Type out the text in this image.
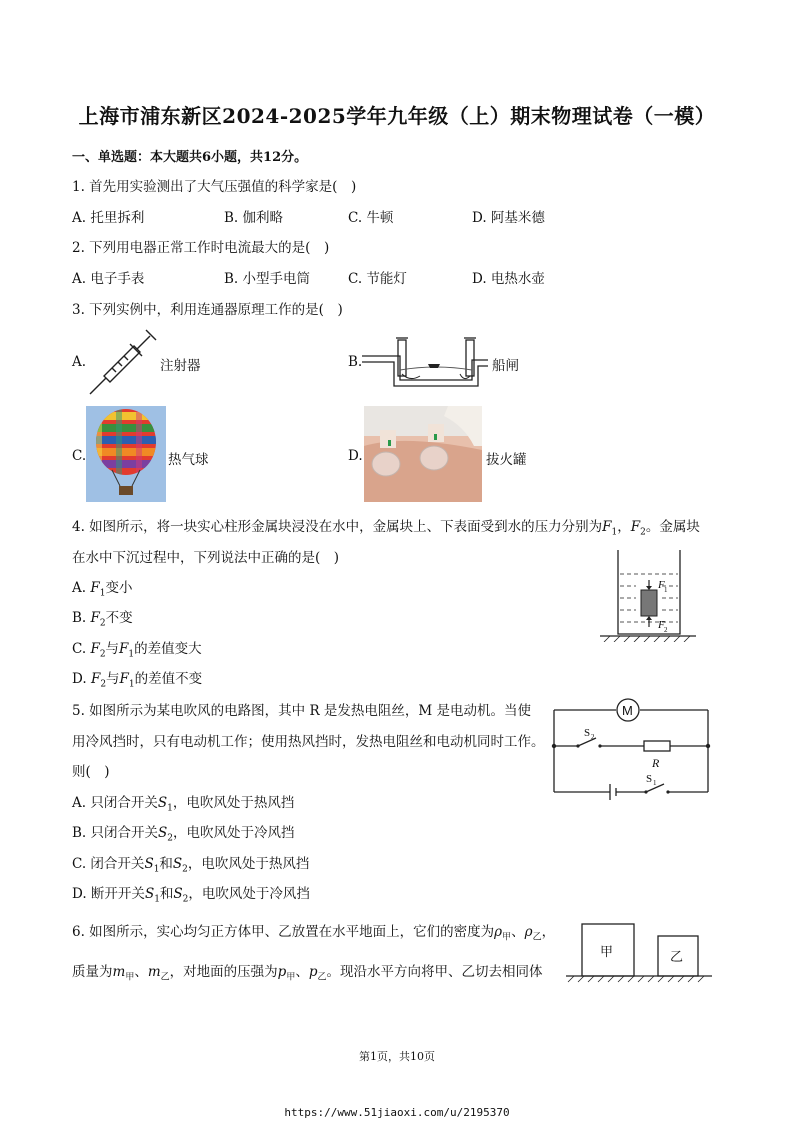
上海市浦东新区2024-2025学年九年级（上）期末物理试卷（一模）
一、单选题：本大题共6小题，共12分。
1. 首先用实验测出了大气压强值的科学家是(　)
A. 托里拆利	B. 伽利略	C. 牛顿	D. 阿基米德
2. 下列用电器正常工作时电流最大的是(　)
A. 电子手表	B. 小型手电筒	C. 节能灯	D. 电热水壶
3. 下列实例中，利用连通器原理工作的是(　)
A.	注射器	B.	船闸
C.	热气球	D.	拔火罐
4. 如图所示，将一块实心柱形金属块浸没在水中，金属块上、下表面受到水的压力分别为$F_1$，$F_2$。金属块
在水中下沉过程中，下列说法中正确的是(　)
A. $F_1$变小
B. $F_2$不变
C. $F_2$与$F_1$的差值变大
D. $F_2$与$F_1$的差值不变
F 1
F 2
5. 如图所示为某电吹风的电路图，其中 R 是发热电阻丝，M 是电动机。当使
用冷风挡时，只有电动机工作；使用热风挡时，发热电阻丝和电动机同时工作。
则(　)
A. 只闭合开关$S_1$，电吹风处于热风挡
B. 只闭合开关$S_2$，电吹风处于冷风挡
C. 闭合开关$S_1$和$S_2$，电吹风处于热风挡
D. 断开开关$S_1$和$S_2$，电吹风处于冷风挡
M
S 2
R
S 1
6. 如图所示，实心均匀正方体甲、乙放置在水平地面上，它们的密度为$\rho_甲$、$\rho_乙$，
质量为$m_甲$、$m_乙$，对地面的压强为$p_甲$、$p_乙$。现沿水平方向将甲、乙切去相同体
甲	乙
第1页，共10页
https://www.51jiaoxi.com/u/2195370
